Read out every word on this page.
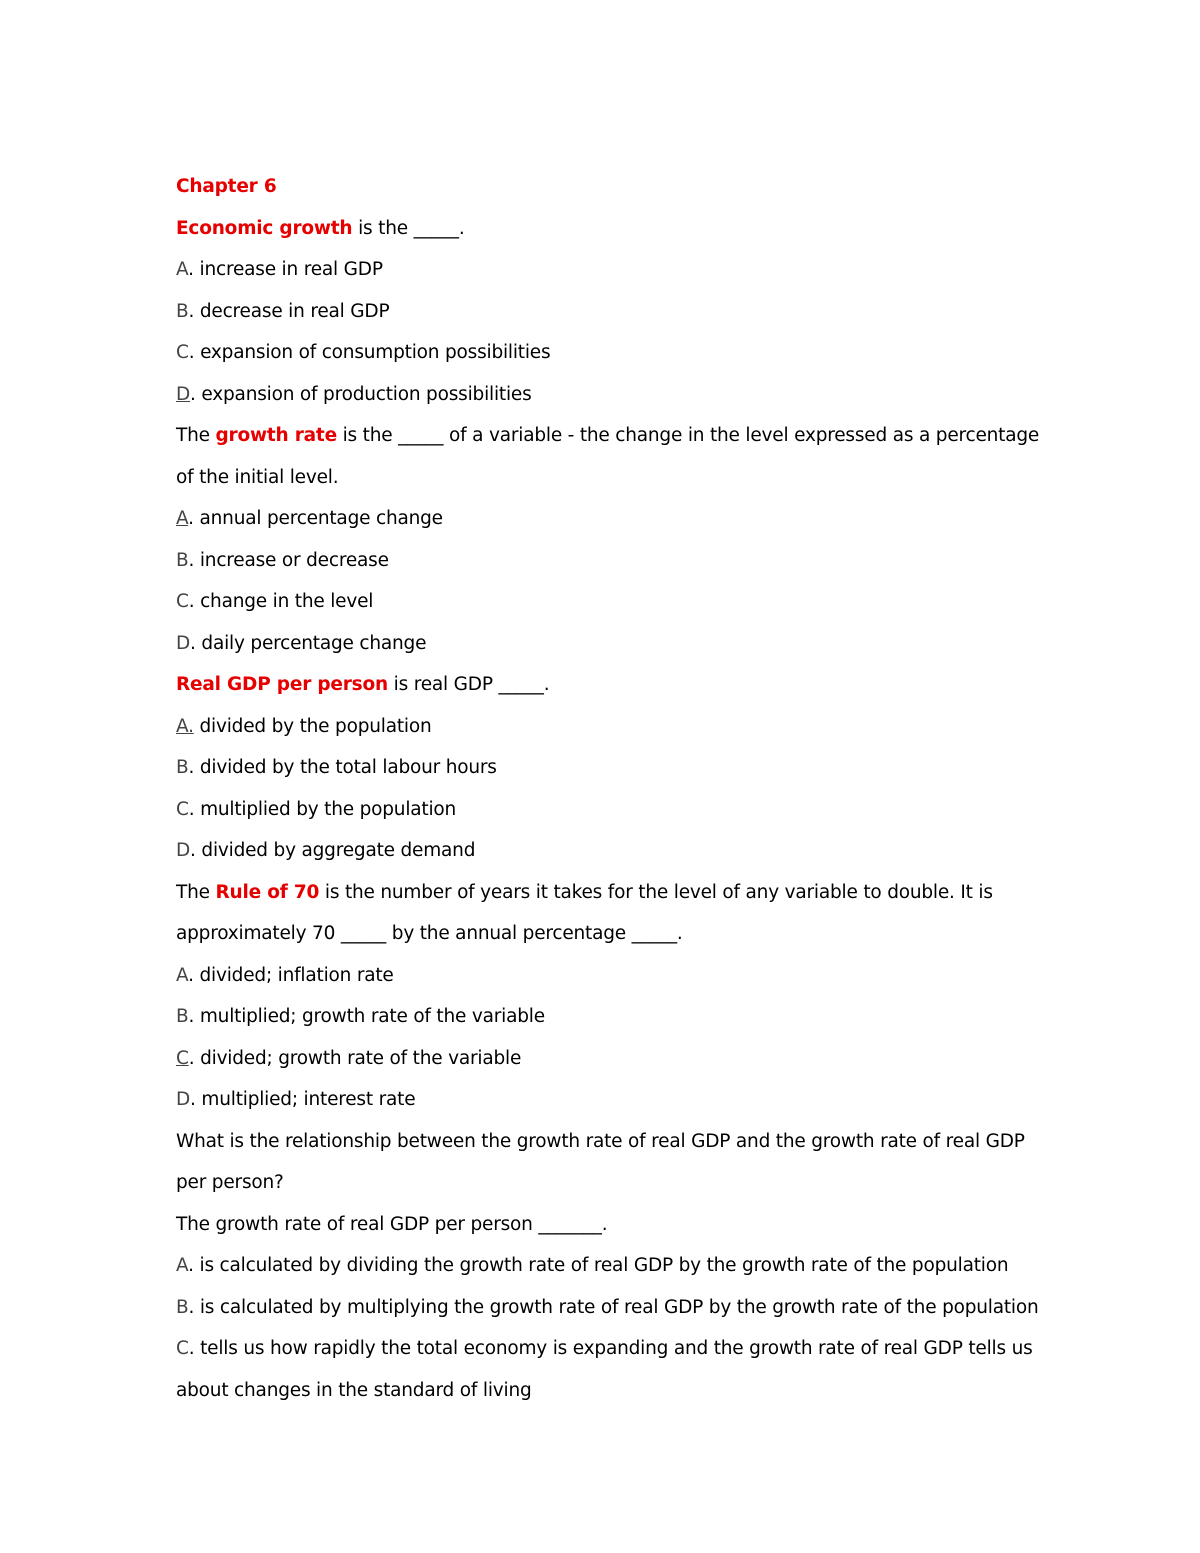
Chapter 6
Economic growth is the _____.
A. increase in real GDP
B. decrease in real GDP
C. expansion of consumption possibilities
D. expansion of production possibilities
The growth rate is the _____ of a variable - the change in the level expressed as a percentage
of the initial level.
A. annual percentage change
B. increase or decrease
C. change in the level
D. daily percentage change
Real GDP per person is real GDP _____.
A. divided by the population
B. divided by the total labour hours
C. multiplied by the population
D. divided by aggregate demand
The Rule of 70 is the number of years it takes for the level of any variable to double. It is
approximately 70 _____ by the annual percentage _____.
A. divided; inflation rate
B. multiplied; growth rate of the variable
C. divided; growth rate of the variable
D. multiplied; interest rate
What is the relationship between the growth rate of real GDP and the growth rate of real GDP
per person?
The growth rate of real GDP per person _______.
A. is calculated by dividing the growth rate of real GDP by the growth rate of the population
B. is calculated by multiplying the growth rate of real GDP by the growth rate of the population
C. tells us how rapidly the total economy is expanding and the growth rate of real GDP tells us
about changes in the standard of living
